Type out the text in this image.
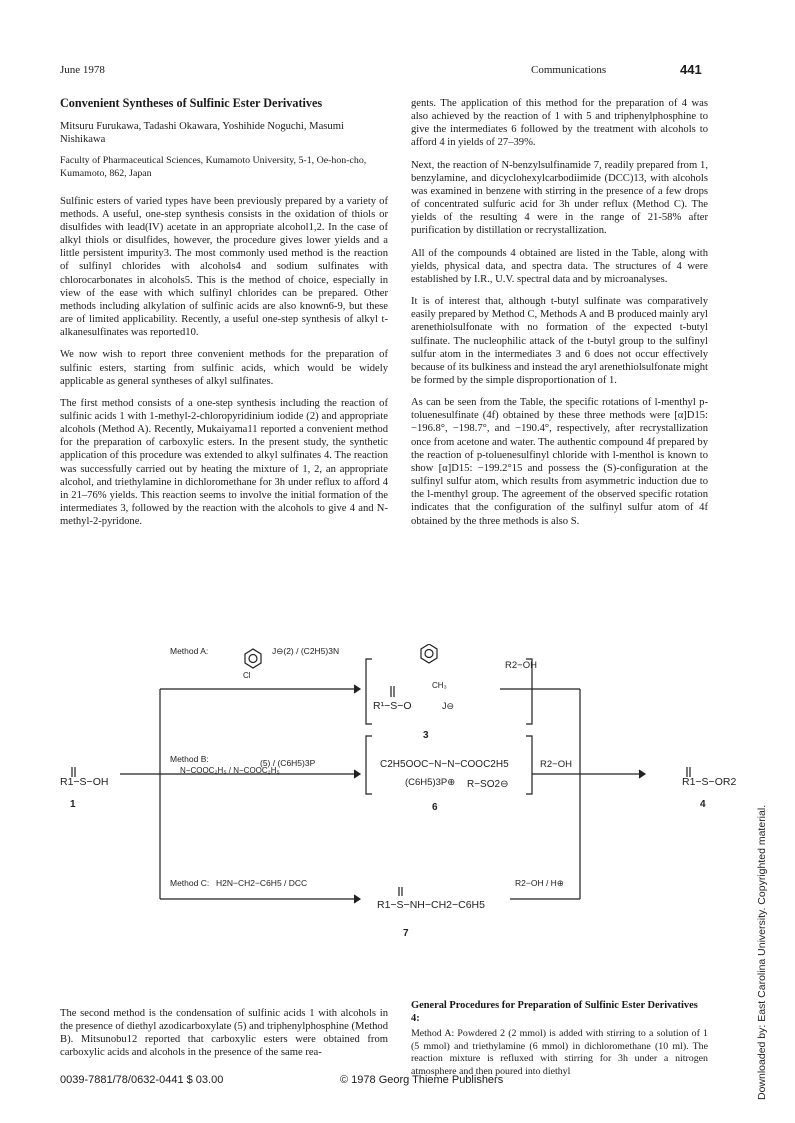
June 1978	Communications	441

Convenient Syntheses of Sulfinic Ester Derivatives

Mitsuru Furukawa, Tadashi Okawara, Yoshihide Noguchi, Masumi Nishikawa

Faculty of Pharmaceutical Sciences, Kumamoto University, 5-1, Oe-hon-cho, Kumamoto, 862, Japan

Sulfinic esters of varied types have been previously prepared by a variety of methods. A useful, one-step synthesis consists in the oxidation of thiols or disulfides with lead(IV) acetate in an appropriate alcohol1,2. In the case of alkyl thiols or disulfides, however, the procedure gives lower yields and a little persistent impurity3. The most commonly used method is the reaction of sulfinyl chlorides with alcohols4 and sodium sulfinates with chlorocarbonates in alcohols5. This is the method of choice, especially in view of the ease with which sulfinyl chlorides can be prepared. Other methods including alkylation of sulfinic acids are also known6-9, but these are of limited applicability. Recently, a useful one-step synthesis of alkyl t-alkanesulfinates was reported10.

We now wish to report three convenient methods for the preparation of sulfinic esters, starting from sulfinic acids, which would be widely applicable as general syntheses of alkyl sulfinates.

The first method consists of a one-step synthesis including the reaction of sulfinic acids 1 with 1-methyl-2-chloropyridinium iodide (2) and appropriate alcohols (Method A). Recently, Mukaiyama11 reported a convenient method for the preparation of carboxylic esters. In the present study, the synthetic application of this procedure was extended to alkyl sulfinates 4. The reaction was successfully carried out by heating the mixture of 1, 2, an appropriate alcohol, and triethylamine in dichloromethane for 3h under reflux to afford 4 in 21–76% yields. This reaction seems to involve the initial formation of the intermediates 3, followed by the reaction with the alcohols to give 4 and N-methyl-2-pyridone.

gents. The application of this method for the preparation of 4 was also achieved by the reaction of 1 with 5 and triphenylphosphine to give the intermediates 6 followed by the treatment with alcohols to afford 4 in yields of 27–39%.

Next, the reaction of N-benzylsulfinamide 7, readily prepared from 1, benzylamine, and dicyclohexylcarbodiimide (DCC)13, with alcohols was examined in benzene with stirring in the presence of a few drops of concentrated sulfuric acid for 3h under reflux (Method C). The yields of the resulting 4 were in the range of 21-58% after purification by distillation or recrystallization.

All of the compounds 4 obtained are listed in the Table, along with yields, physical data, and spectra data. The structures of 4 were established by I.R., U.V. spectral data and by microanalyses.

It is of interest that, although t-butyl sulfinate was comparatively easily prepared by Method C, Methods A and B produced mainly aryl arenethiolsulfonate with no formation of the expected t-butyl sulfinate. The nucleophilic attack of the t-butyl group to the sulfinyl sulfur atom in the intermediates 3 and 6 does not occur effectively because of its bulkiness and instead the aryl arenethiolsulfonate might be formed by the simple disproportionation of 1.

As can be seen from the Table, the specific rotations of l-menthyl p-toluenesulfinate (4f) obtained by these three methods were [α]D15: −196.8°, −198.7°, and −190.4°, respectively, after recrystallization once from acetone and water. The authentic compound 4f prepared by the reaction of p-toluenesulfinyl chloride with l-menthol is known to show [α]D15: −199.2°15 and possess the (S)-configuration at the sulfinyl sulfur atom, which results from asymmetric induction due to the l-menthyl group. The agreement of the observed specific rotation indicates that the configuration of the sulfinyl sulfur atom of 4f obtained by the three methods is also S.

Downloaded by: East Carolina University. Copyrighted material.
Method A:	J⊖(2) / (C2H5)3N
Method B:	(5) / (C6H5)3P
Method C: H2N−CH2−C6H5 / DCC
R2−OH
R2−OH
R2−OH / H⊕
R1−S−OH	R1−S−OR2
C2H5OOC−N−N−COOC2H5
(C6H5)3P⊕ R−SO2⊖
R1−S−NH−CH2−C6H5
R¹−S−O
Cl
CH₃
J⊖
N−COOC₂H₅ / N−COOC₂H₅
3
1	4
6
7

The second method is the condensation of sulfinic acids 1 with alcohols in the presence of diethyl azodicarboxylate (5) and triphenylphosphine (Method B). Mitsunobu12 reported that carboxylic esters were obtained from carboxylic acids and alcohols in the presence of the same rea-

General Procedures for Preparation of Sulfinic Ester Derivatives 4:

Method A: Powdered 2 (2 mmol) is added with stirring to a solution of 1 (5 mmol) and triethylamine (6 mmol) in dichloromethane (10 ml). The reaction mixture is refluxed with stirring for 3h under a nitrogen atmosphere and then poured into diethyl

0039-7881/78/0632-0441 $ 03.00	© 1978 Georg Thieme Publishers
